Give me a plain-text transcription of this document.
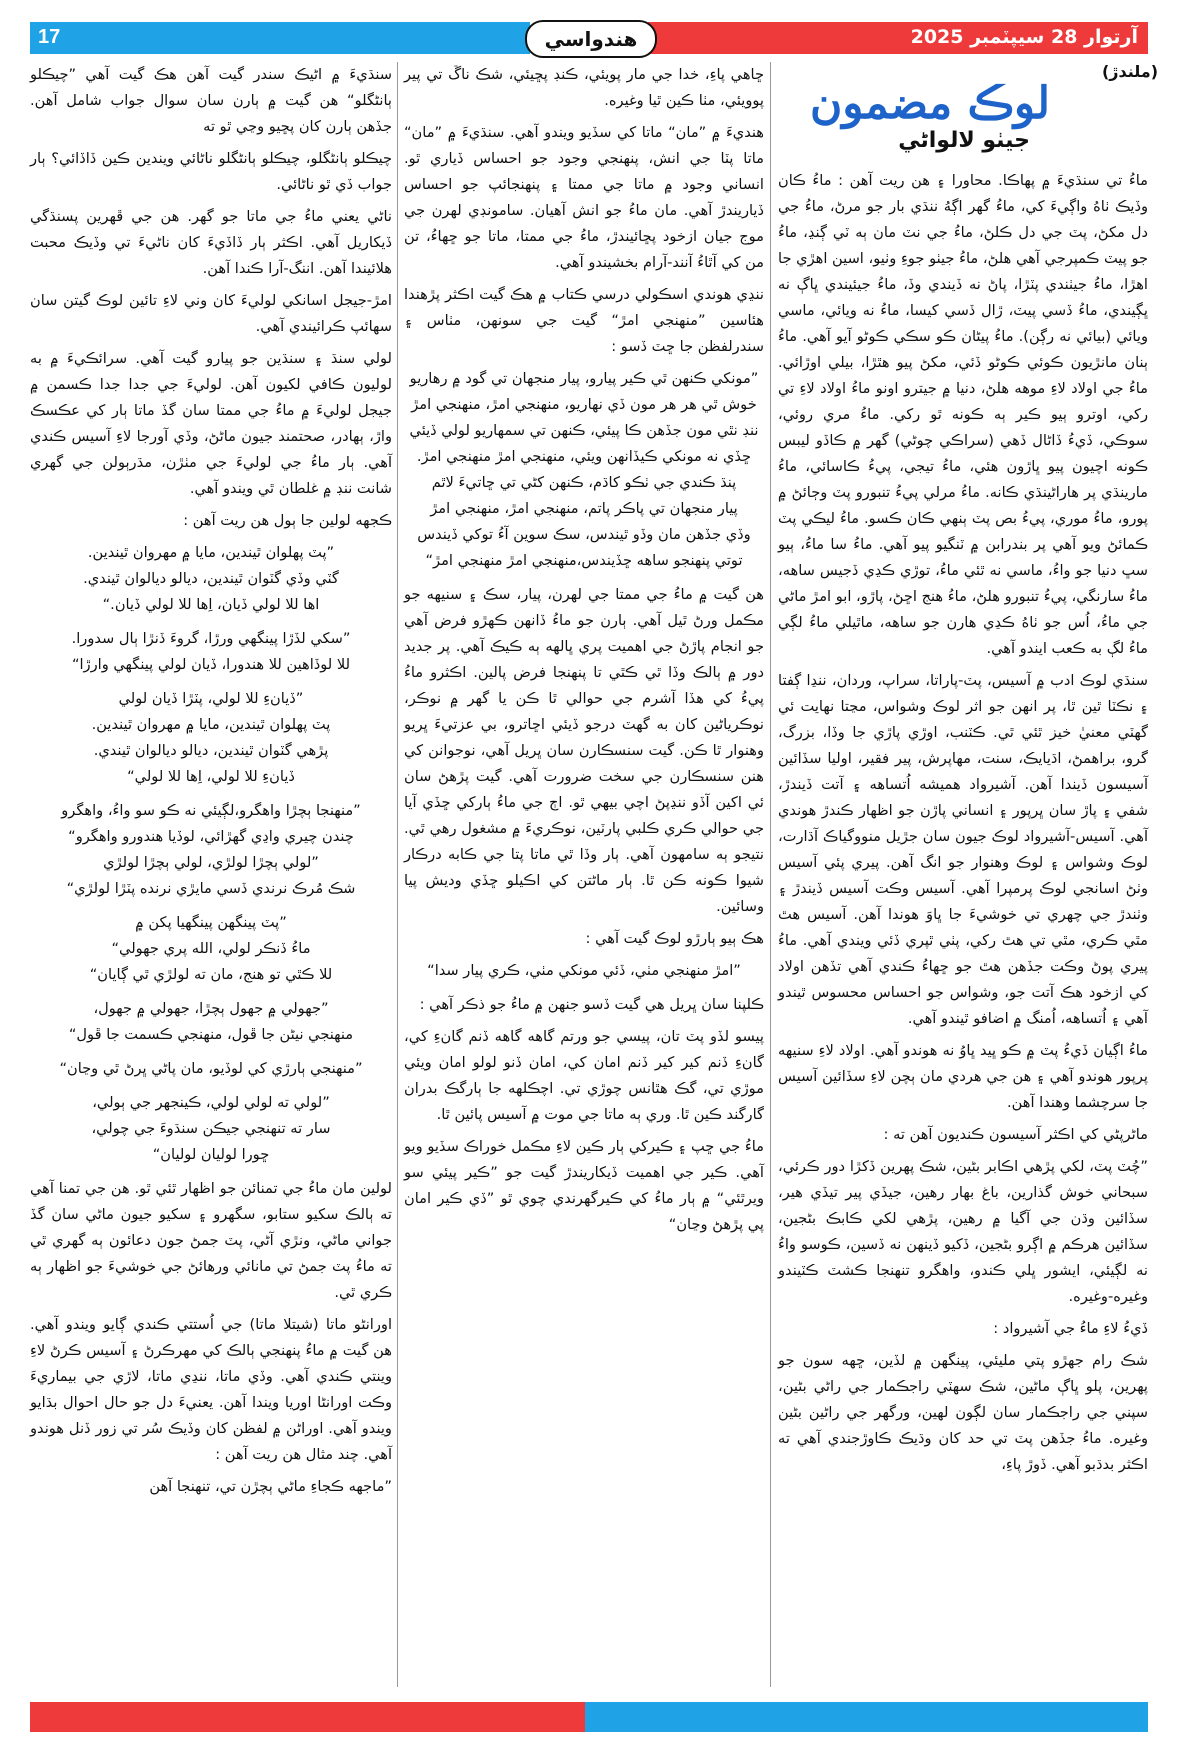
17	آرتوار 28 سيپٽمبر 2025
هندواسي
(ملندڙ)
لوڪ مضمون
جيٺو لالواڻي

ماءُ تي سنڌيءَ ۾ پهاڪا. محاورا ۽ هن ريت آهن : ماءُ ڪان وڏيڪ ٺاهُ واڳيءَ کي، ماءُ گهر اڳهُ ننڌي بار جو مرڻ، ماءُ جي دل مکڻ، پٽ جي دل ڪلڻ، ماءُ جي نٽ مان ٻه ٽي ڳنڍ، ماءُ جو پيٽ ڪمپرجي آهي هلڻ، ماءُ جيٺو جوءِ وٺيو، اسين اهڙي جا اهڙا، ماءُ جيٺندي پٽڙا، پاڻ نه ڏيندي وڏ، ماءُ جيئيندي ڀاڳ نه ڀڳيندي، ماءُ ڏسي پيٽ، ڙال ڏسي کيسا، ماءُ نه ويائي، ماسي ويائي (بيائي نه رڳن). ماءُ پيڻان ڪو سڪي ڪوڻو آيو آهي. ماءُ ٻنان مانڙيون ڪوئي ڪوڻو ڏئي، مکڻ پيو هٿڙا، بيلي اوڙائي. ماءُ جي اولاد لاءِ موهه هلڻ، دنيا ۾ جيترو اونو ماءُ اولاد لاءِ تي رکي، اوترو ٻيو ڪير ٻه ڪونه ٿو رکي. ماءُ مري روئي، سوڪي، ڏيءُ ڏاڻال ڏهي (سراڪي چوڻي) گهر ۾ ڪاڏو ليبس ڪونه اچيون پيو ڀاڙون هئي، ماءُ تيجي، پيءُ ڪاسائي، ماءُ مارينڌي پر هاراڻينڌي ڪانه. ماءُ مرلي پيءُ تنبورو پٽ وڄائڻ ۾ پورو، ماءُ موري، پيءُ بص پٽ ٻنهي ڪان ڪسو. ماءُ ليڪي پٽ ڪمائڻ ويو آهي پر بندرابن ۾ ٽنگيو پيو آهي. ماءُ سا ماءُ، ٻيو سڀ دنيا جو واءُ، ماسي نه ٿئي ماءُ، توڙي ڪڍي ڏجيس ساهه، ماءُ سارنگي، پيءُ تنبورو هلڻ، ماءُ هنج اڇڻ، پاڙو، ابو امڙ ماڻي جي ماءُ، اُس جو ٺاهُ ڪڍي هارن جو ساهه، ماٿيلي ماءُ لڳي ماءُ لڳ به ڪعب ايندو آهي.

سنڌي لوڪ ادب ۾ آسيس، پٽ-پاراتا، سراپ، وردان، ننڍا ڳفتا ۽ نڪٽا ٿين ٿا، پر انهن جو اثر لوڪ وشواس، مڃتا نهايت ئي گهٽي معنيٰ خيز ٿئي ٿي. ڪٽنب، اوڙي پاڙي جا وڏا، بزرگ، گرو، براهمڻ، اڌيايڪ، سنت، مهاپرش، پير فقير، اوليا سڏائين آسيسون ڏيندا آهن. آشيرواد هميشه اُتساهه ۽ آتت ڏيندڙ، شفي ۽ پاڙ سان ڀرپور ۽ انساني پاڙن جو اظهار ڪندڙ هوندي آهي. آسيس-آشيرواد لوڪ جيون سان جڙيل منووگياڪ آڌارت، لوڪ وشواس ۽ لوڪ وهنوار جو انگ آهن. پيري پئي آسيس وٺڻ اسانجي لوڪ پرمپرا آهي. آسيس وڪت آسيس ڏيندڙ ۽ وٺندڙ جي چهري تي خوشيءَ جا ڀاوَ هوندا آهن. آسيس هٿ مٿي ڪري، مٿي تي هٿ رکي، پٺي ٿپري ڏئي ويندي آهي. ماءُ پيري پوڻ وڪت جڏهن هٿ جو ڇهاءُ ڪندي آهي تڏهن اولاد کي ازخود هڪ آتت جو، وشواس جو احساس محسوس ٿيندو آهي ۽ اُتساهه، اُمنگ ۾ اضافو ٿيندو آهي.

ماءُ اڳيان ڏيءُ پٽ ۾ ڪو ڀيد ڀاوُ نه هوندو آهي. اولاد لاءِ سنيهه پرپور هوندو آهي ۽ هن جي هردي مان ٻچن لاءِ سڏائين آسيس جا سرچشما وهندا آهن.

ماڻرپڻي کي اڪثر آسيسون ڪنديون آهن ته :

”چُٽ پٽ، لکي پڙهي اڪابر بڻين، شڪ پهرين ڏکڙا دور ڪرئي، سبحاني خوش گذارين، باغ بهار رهين، جيڏي پير تيڏي هير، سڏائين وڌن جي آگيا ۾ رهين، پڙهي لکي ڪابڪ بڻجين، سڏائين هرڪم ۾ اڳرو بڻجين، ڏکيو ڏينهن نه ڏسين، ڪوسو واءُ نه لڳيئي، ايشور ڀلي ڪندو، واهگرو تنهنجا ڪشٽ ڪٽيندو وغيره-وغيره.

ڏيءُ لاءِ ماءُ جي آشيرواد :

شڪ رام جهڙو پتي مليئي، پينگهن ۾ لڏين، ڇهه سون جو پهرين، پلو ڀاڳ ماڻين، شڪ سهٽي راجڪمار جي راڻي بڻين، سپني جي راجڪمار سان لڳون لهين، ورگهر جي راڻين بڻين وغيره. ماءُ جڏهن پٽ تي حد کان وڌيڪ ڪاوڙجندي آهي ته اڪثر بدڌبو آهي. ڏوڙ پاءِ،

ڇاهي پاءِ، خدا جي مار پويئي، ڪنڊ پڇيئي، شڪ ناڱ تي پير پوويئي، مٺا ڪين ٿيا وغيره.

هنديءَ ۾ ”مان“ ماتا کي سڏيو ويندو آهي. سنڌيءَ ۾ ”مان“ ماتا پٽا جي انش، پنهنجي وجود جو احساس ڏياري ٿو. انساني وجود ۾ ماتا جي ممتا ۽ پنهنجائپ جو احساس ڏياريندڙ آهي. مان ماءُ جو انش آهيان. سامونڊي لهرن جي موج جيان ازخود پڇائيندڙ، ماءُ جي ممتا، ماتا جو ڇهاءُ، تن من کي آٿاءُ آنند-آرام بخشيندو آهي.

ننڍي هوندي اسڪولي درسي ڪتاب ۾ هڪ گيت اڪثر پڙهندا هئاسين ”منهنجي امڙ“ گيت جي سونهن، مٺاس ۽ سندرلفظن جا ڇٽ ڏسو :

”مونکي ڪنهن ٿي ڪير پيارو، پيار منجهان تي گود ۾ رهاريو
خوش ٿي هر هر مون ڏي نهاريو، منهنجي امڙ، منهنجي امڙ
ننڊ نٿي مون جڏهن ڪا پيئي، ڪنهن تي سمهاريو لولي ڏيئي
ڇڏي نه مونکي ڪيڏانهن ويئي، منهنجي امڙ منهنجي امڙ.
پنڌ ڪندي جي ٺڪو کاڌم، ڪنهن کڻي تي ڇاتيءَ لاٿم
پيار منجهان تي پاڪر پاتم، منهنجي امڙ، منهنجي امڙ
وڏي جڏهن مان وڏو ٿيندس، سڪ سوين آءُ توکي ڏيندس
توتي پنهنجو ساهه ڇڏيندس،منهنجي امڙ منهنجي امڙ“

هن گيت ۾ ماءُ جي ممتا جي لهرن، پيار، سڪ ۽ سنيهه جو مڪمل ورڻ ٿيل آهي. ٻارن جو ماءُ ڏانهن ڪهڙو فرض آهي جو انجام پاڙڻ جي اهميت پري ڀالهه ٻه ڪيڪ آهي. پر جديد دور ۾ ٻالڪ وڏا ٿي ڪٿي تا پنهنجا فرض پالين. اڪثرو ماءُ پيءُ کي هڏا آشرم جي حوالي ٿا ڪن يا گهر ۾ نوڪر، نوڪرياڻين کان به گهٽ درجو ڏيئي اڇاترو، بي عزتيءَ ڀريو وهنوار ٿا ڪن. گيت سنسڪارن سان ڀريل آهي، نوجوانن کي هنن سنسڪارن جي سخت ضرورت آهي. گيت پڙهڻ سان ئي اکين آڏو ننڍپڻ اچي بيهي ٿو. اڄ جي ماءُ ٻارکي ڇڏي آيا جي حوالي ڪري ڪلبي پارٽين، نوڪريءَ ۾ مشغول رهي ٿي. نتيجو ٻه سامهون آهي. ٻار وڏا ٿي ماتا پتا جي ڪابه درڪار شيوا ڪونه ڪن ٿا. ٻار ماڻتن کي اڪيلو ڇڏي وديش پيا وسائين.

هڪ ٻيو ٻارڙو لوڪ گيت آهي :

”امڙ منهنجي مٺي، ڏئي مونکي مٺي، ڪري پيار سدا“

ڪلپنا سان ڀريل هي گيت ڏسو جنهن ۾ ماءُ جو ذڪر آهي :

پيسو لڏو پٽ تان، پيسي جو ورتم گاهه گاهه ڏنم گانءِ کي، گانءِ ڏنم کير کير ڏنم امان کي، امان ڏنو لولو امان ويئي موڙي تي، گڪ هٿانس چوڙي تي. اچڪلهه جا ٻارگڪ بدران گارگند ڪين ٿا. وري ٻه ماتا جي موت ۾ آسيس پائين ٿا.

ماءُ جي ڇپ ۽ ڪيرکي ٻار ڪين لاءِ مڪمل خوراڪ سڏيو ويو آهي. ڪير جي اهميت ڏيکاريندڙ گيت جو ”ڪير پيئي سو ويرٿئي“ ۾ ٻار ماءُ کي ڪيرگهرندي چوي ٿو ”ڏي ڪير امان پي پڙهڻ وڃان“

سنڌيءَ ۾ اڻيڪ سندر گيت آهن هڪ گيت آهي ”چيڪلو ٻانڻگلو“ هن گيت ۾ ٻارن سان سوال جواب شامل آهن. جڏهن ٻارن کان پڇيو وڃي ٿو ته

چيڪلو ٻانڻگلو، چيڪلو ٻانڻگلو ناڻائي ويندين ڪين ڏاڏائي؟ ٻار جواب ڏي ٿو ناڻائي.

ناڻي يعني ماءُ جي ماتا جو گهر. هن جي ڦهرين پسنڌگي ڏيکاريل آهي. اڪثر ٻار ڏاڏيءَ کان ناڻيءَ تي وڏيڪ محبت هلائيندا آهن. اننگ-آرا ڪندا آهن.

امڙ-جيجل اسانکي لوليءَ کان وني لاءِ تائين لوڪ گيتن سان سهائپ ڪرائيندي آهي.

لولي سنڌ ۽ سنڌين جو پيارو گيت آهي. سرائڪيءَ ۾ به لوليون ڪافي لکيون آهن. لوليءَ جي جدا جدا ڪسمن ۾ جيجل لوليءَ ۾ ماءُ جي ممتا سان گڏ ماتا ٻار کي عڪسڪ واڙ، ٻهادر، صحتمند جيون ماڻڻ، وڏي آورجا لاءِ آسيس ڪندي آهي. ٻار ماءُ جي لوليءَ جي مٺڙن، مڌرٻولن جي گهري شانت ننڊ ۾ غلطان ٿي ويندو آهي.

ڪجهه لولين جا ٻول هن ريت آهن :

”پٽ پهلوان ٿيندين، مايا ۾ مهروان ٿيندين.
گٽي وڏي گٽوان ٿيندين، ديالو ديالوان ٿيندي.
اها للا لولي ڏيان، اِها للا لولي ڏيان.“
”سکي لڏڙا پينگهي ورڙا، گروءَ ڏنڙا ٻال سدورا.
للا لوڏاهين للا هندورا، ڏيان لولي پينگهي وارڙا“
”ڏيانءِ للا لولي، پٽڙا ڏيان لولي
پٽ پهلوان ٿيندين، مايا ۾ مهروان ٿيندين.
پڙهي گٽوان ٿيندين، ديالو ديالوان ٿيندي.
ڏيانءِ للا لولي، اِها للا لولي“
”منهنجا ٻچڙا واهگرو،لڳيئي نه ڪو سو واءُ، واهگرو
چندن چيري واڍي گهڙائي، لوڏيا هندورو واهگرو“
”لولي ٻچڙا لولڙي، لولي ٻچڙا لولڙي
شڪ مُرڪ نرندي ڏسي مايڙي نرنده پٽڙا لولڙي“
”پٽ پينگهن پينگهيا پکن ۾
ماءُ ڏنڪر لولي، الله پري جهولي“
للا ڪٿي تو هنج، مان ته لولڙي ٿي ڳايان“
”جهولي ۾ جهول ٻچڙا، جهولي ۾ جهول،
منهنجي نيڻن جا ڦول، منهنجي ڪسمت جا ڦول“
”منهنجي ٻارڙي کي لوڏيو، مان پاڻي ڀرڻ ٿي وڃان“
”لولي ته لولي لولي، ڪينجهر جي ٻولي،
سار ته تنهنجي جيڪن سنڌوءَ جي چولي،
ڇورا لوليان لوليان“

لولين مان ماءُ جي تمنائن جو اظهار ٿئي ٿو. هن جي تمنا آهي ته ٻالڪ سکيو ستابو، سگهرو ۽ سکيو جيون ماڻي سان گڏ جواني ماڻي، ونڙي آڻي، پٽ جمڻ جون دعائون ٻه گهري ٿي ته ماءُ پٽ جمڻ تي مانائي ورهائڻ جي خوشيءَ جو اظهار ٻه ڪري ٿي.

اورانڻو ماتا (شيتلا ماتا) جي اُستتي ڪندي ڳايو ويندو آهي. هن گيت ۾ ماءُ پنهنجي ٻالڪ کي مهرڪرڻ ۽ آسيس ڪرڻ لاءِ وينتي ڪندي آهي. وڏي ماتا، ننڍي ماتا، لاڙي جي بيماريءَ وڪت اورانڻا اوريا ويندا آهن. يعنيءَ دل جو حال احوال بڌايو ويندو آهي. اوراڻن ۾ لفظن کان وڏيڪ سُر تي زور ڏنل هوندو آهي. چند مثال هن ريت آهن :

”ماجهه ڪجاءِ ماڻي ٻچڙن تي، تنهنجا آهن
